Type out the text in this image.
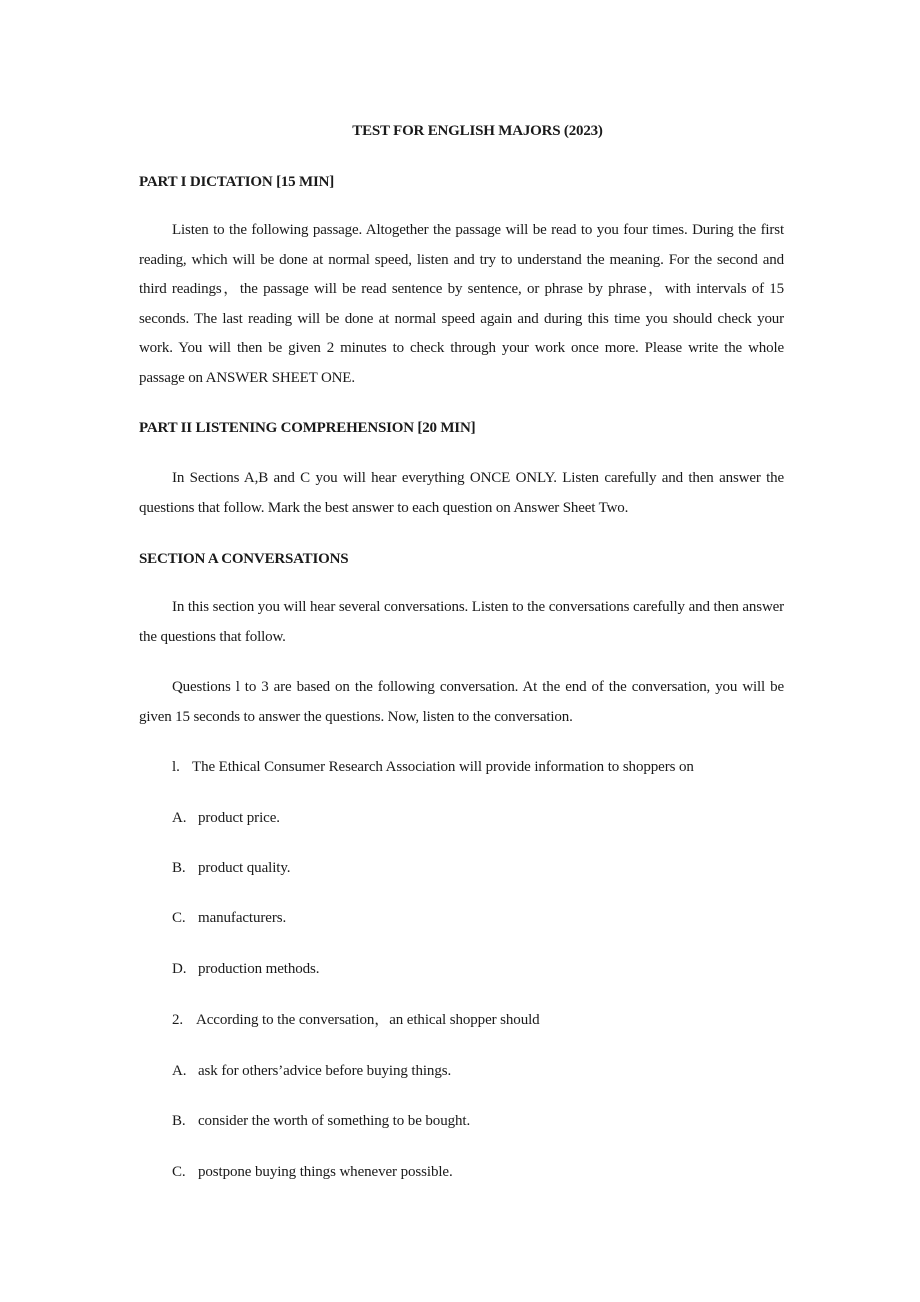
TEST FOR ENGLISH MAJORS (2023)
PART I DICTATION [15 MIN]
Listen to the following passage. Altogether the passage will be read to you four times. During the first reading, which will be done at normal speed, listen and try to understand the meaning. For the second and third readings，the passage will be read sentence by sentence, or phrase by phrase，with intervals of 15 seconds. The last reading will be done at normal speed again and during this time you should check your work. You will then be given 2 minutes to check through your work once more. Please write the whole passage on ANSWER SHEET ONE.
PART II LISTENING COMPREHENSION [20 MIN]
In Sections A,B and C you will hear everything ONCE ONLY. Listen carefully and then answer the questions that follow. Mark the best answer to each question on Answer Sheet Two.
SECTION A CONVERSATIONS
In this section you will hear several conversations. Listen to the conversations carefully and then answer the questions that follow.
Questions l to 3 are based on the following conversation. At the end of the conversation, you will be given 15 seconds to answer the questions. Now, listen to the conversation.
l. The Ethical Consumer Research Association will provide information to shoppers on
A. product price.
B. product quality.
C. manufacturers.
D. production methods.
2. According to the conversation，an ethical shopper should
A. ask for others’advice before buying things.
B. consider the worth of something to be bought.
C. postpone buying things whenever possible.
